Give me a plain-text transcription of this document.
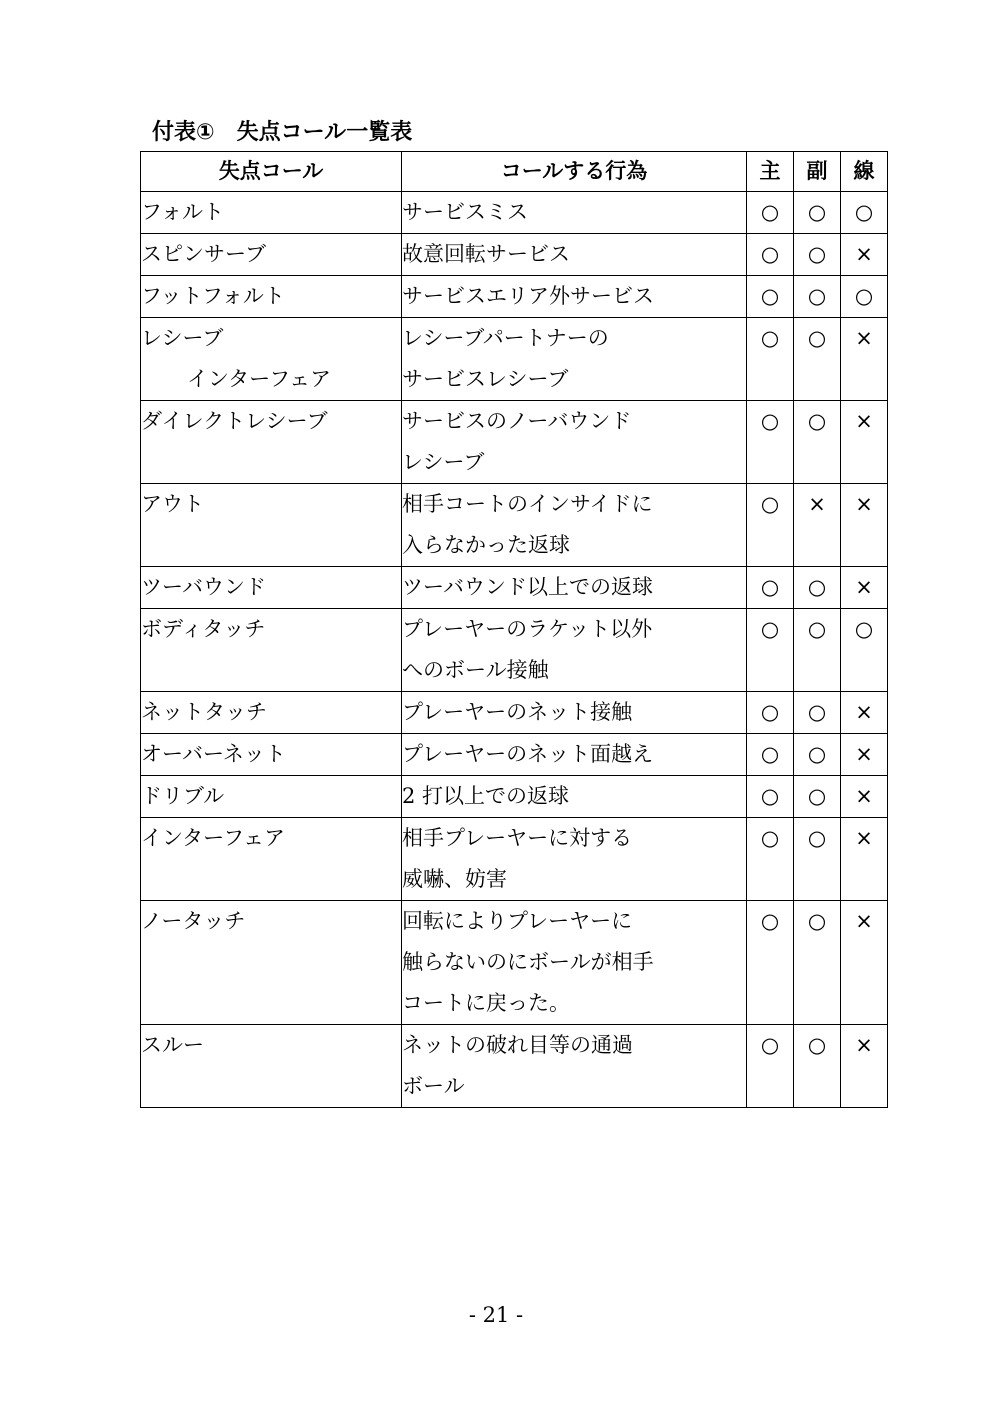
付表①　失点コール一覧表
失点コール	コールする行為	主	副	線

フォルト	サービスミス	○	○	○

スピンサーブ	故意回転サービス	○	○	×

フットフォルト	サービスエリア外サービス	○	○	○

レシーブ
インターフェア	レシーブパートナーの
サービスレシーブ	○	○	×

ダイレクトレシーブ	サービスのノーバウンド
レシーブ	○	○	×

アウト	相手コートのインサイドに
入らなかった返球	○	×	×

ツーバウンド	ツーバウンド以上での返球	○	○	×

ボディタッチ	プレーヤーのラケット以外
へのボール接触	○	○	○

ネットタッチ	プレーヤーのネット接触	○	○	×

オーバーネット	プレーヤーのネット面越え	○	○	×

ドリブル	2 打以上での返球	○	○	×

インターフェア	相手プレーヤーに対する
威嚇、妨害	○	○	×

ノータッチ	回転によりプレーヤーに
触らないのにボールが相手
コートに戻った。	○	○	×

スルー	ネットの破れ目等の通過
ボール	○	○	×
- 21 -
